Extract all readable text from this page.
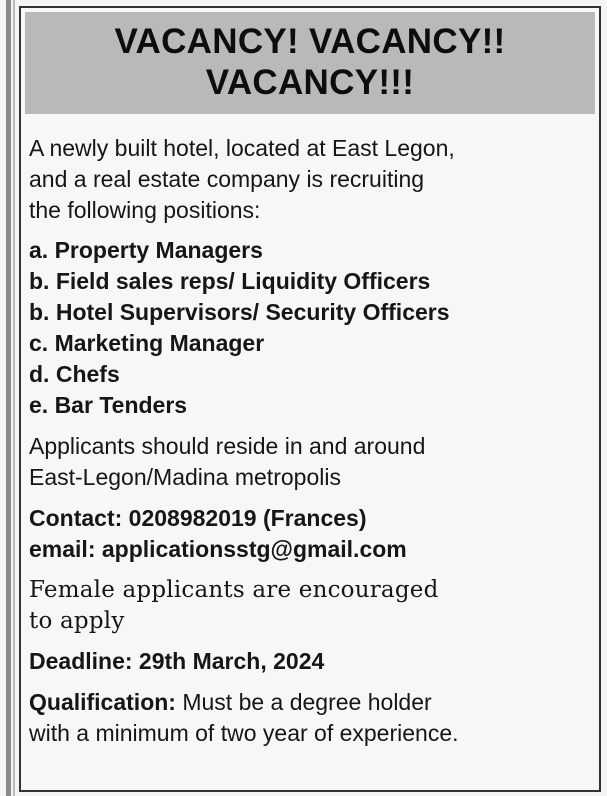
VACANCY! VACANCY!!
VACANCY!!!

A newly built hotel, located at East Legon,

and a real estate company is recruiting

the following positions:

a. Property Managers
b. Field sales reps/ Liquidity Officers
b. Hotel Supervisors/ Security Officers
c. Marketing Manager
d. Chefs
e. Bar Tenders

Applicants should reside in and around

East-Legon/Madina metropolis

Contact: 0208982019 (Frances)

email: applicationsstg@gmail.com

Female applicants are encouraged

to apply

Deadline: 29th March, 2024

Qualification: Must be a degree holder

with a minimum of two year of experience.
